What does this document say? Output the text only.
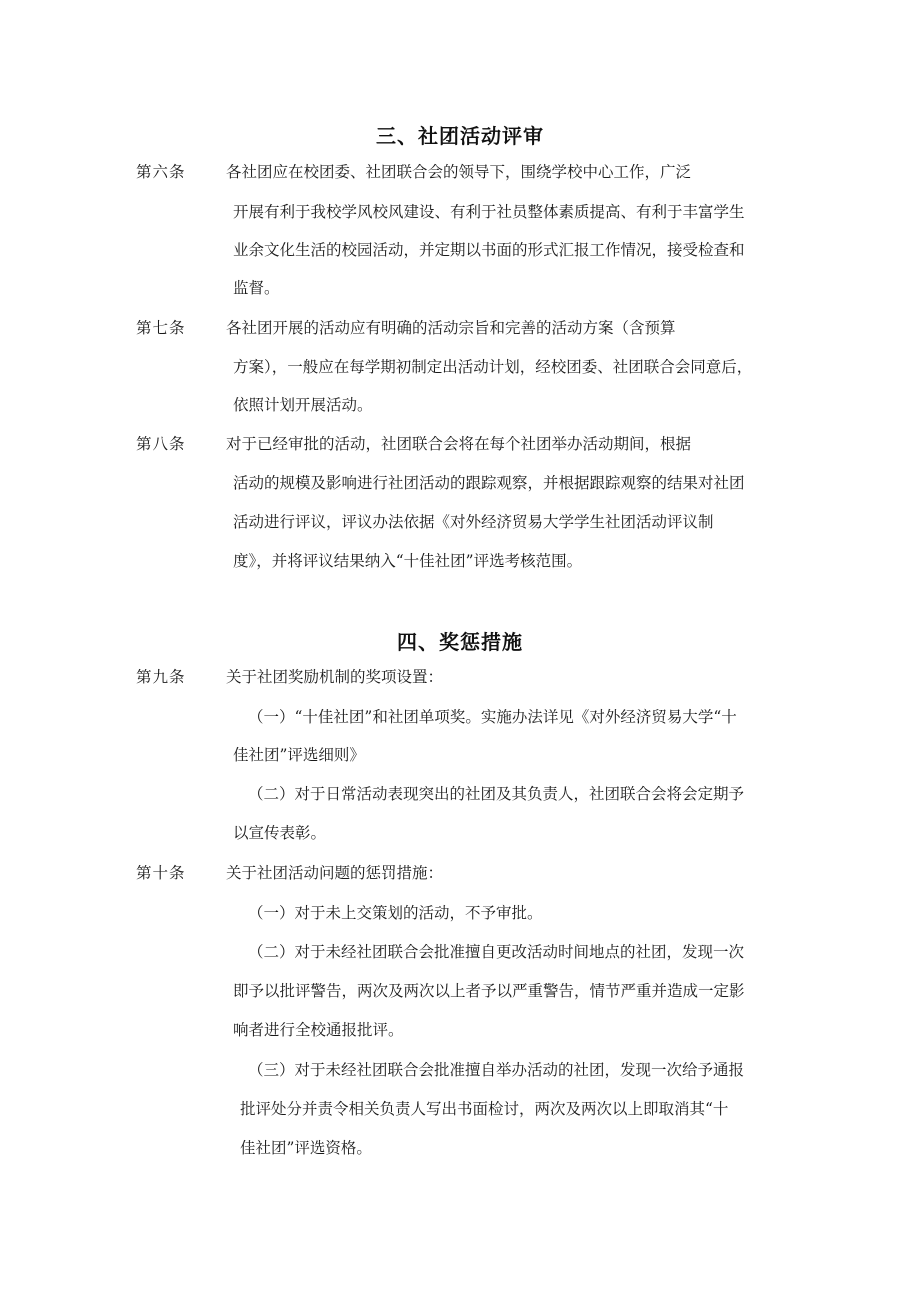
三、社团活动评审
第六条	各社团应在校团委、社团联合会的领导下，围绕学校中心工作，广泛
开展有利于我校学风校风建设、有利于社员整体素质提高、有利于丰富学生
业余文化生活的校园活动，并定期以书面的形式汇报工作情况，接受检查和
监督。
第七条	各社团开展的活动应有明确的活动宗旨和完善的活动方案（含预算
方案），一般应在每学期初制定出活动计划，经校团委、社团联合会同意后，
依照计划开展活动。
第八条	对于已经审批的活动，社团联合会将在每个社团举办活动期间，根据
活动的规模及影响进行社团活动的跟踪观察，并根据跟踪观察的结果对社团
活动进行评议，评议办法依据《对外经济贸易大学学生社团活动评议制
度》，并将评议结果纳入“十佳社团”评选考核范围。
四、奖惩措施
第九条	关于社团奖励机制的奖项设置：
（一）“十佳社团”和社团单项奖。实施办法详见《对外经济贸易大学“十
佳社团”评选细则》
（二）对于日常活动表现突出的社团及其负责人，社团联合会将会定期予
以宣传表彰。
第十条	关于社团活动问题的惩罚措施：
（一）对于未上交策划的活动，不予审批。
（二）对于未经社团联合会批准擅自更改活动时间地点的社团，发现一次
即予以批评警告，两次及两次以上者予以严重警告，情节严重并造成一定影
响者进行全校通报批评。
（三）对于未经社团联合会批准擅自举办活动的社团，发现一次给予通报
批评处分并责令相关负责人写出书面检讨，两次及两次以上即取消其“十
佳社团”评选资格。
